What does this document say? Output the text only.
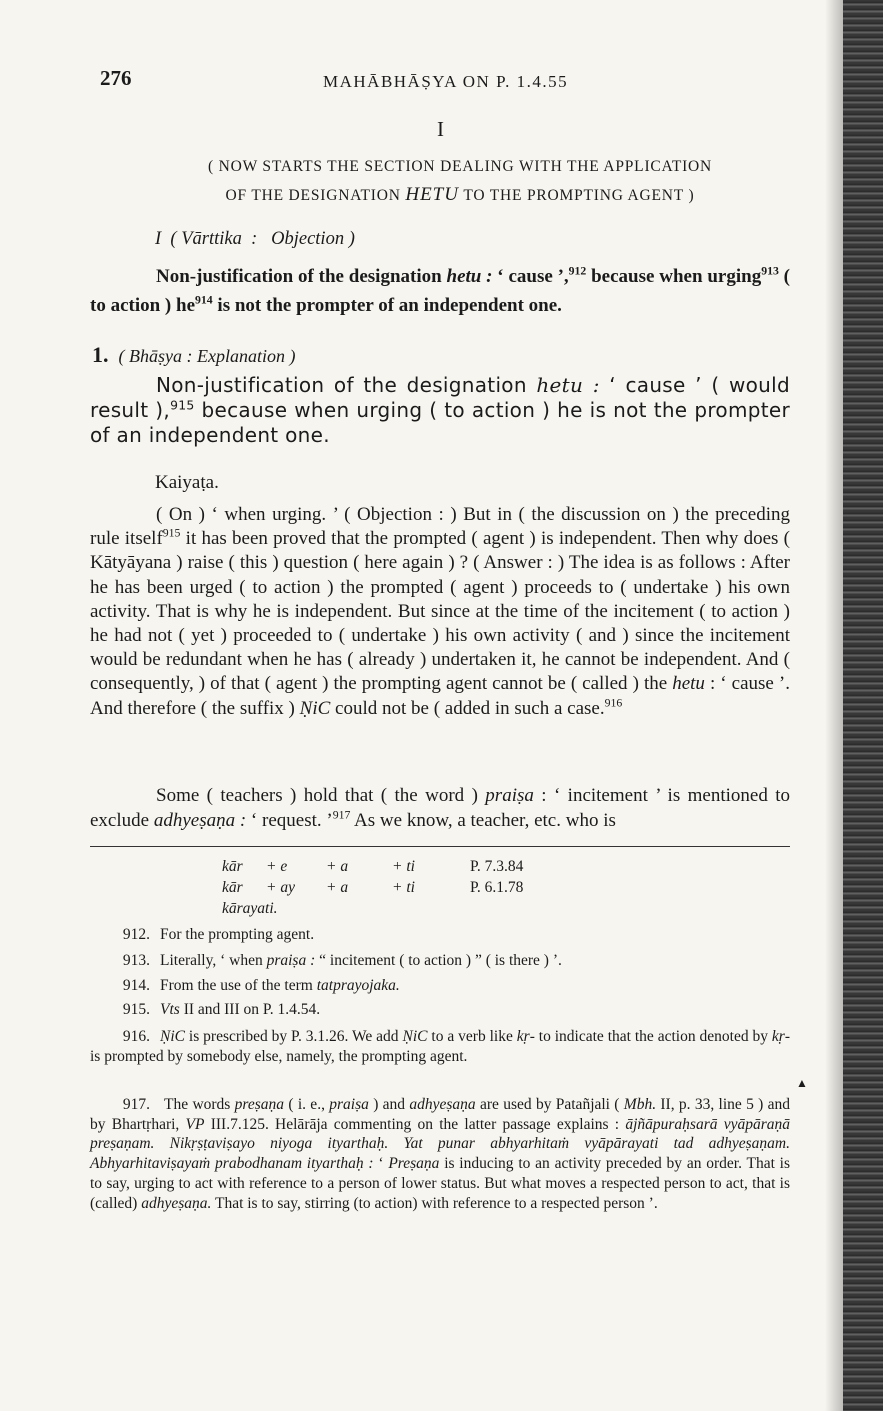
276	MAHĀBHĀṢYA ON P. 1.4.55
I
( NOW STARTS THE SECTION DEALING WITH THE APPLICATION
OF THE DESIGNATION HETU TO THE PROMPTING AGENT )
I  ( Vārttika  :   Objection )
Non-justification of the designation hetu : ‘ cause ’,$^{912}$ because when urging$^{913}$ ( to action ) $he^{914}$ is not the prompter of an independent one.
1. ( Bhāṣya : Explanation )
Non-justification of the designation hetu : ‘ cause ’ ( would result ),$^{915}$ because when urging ( to action ) he is not the prompter of an independent one.
Kaiyaṭa.
( On ) ‘ when urging. ’ ( Objection : ) But in ( the discussion on ) the preceding rule itself$^{915}$ it has been proved that the prompted ( agent ) is independent. Then why does ( Kātyāyana ) raise ( this ) question ( here again ) ? ( Answer : ) The idea is as follows : After he has been urged ( to action ) the prompted ( agent ) proceeds to ( undertake ) his own activity. That is why he is independent. But since at the time of the incitement ( to action ) he had not ( yet ) proceeded to ( undertake ) his own activity ( and ) since the incitement would be redundant when he has ( already ) undertaken it, he cannot be independent. And ( consequently, ) of that ( agent ) the prompting agent cannot be ( called ) the hetu : ‘ cause ’. And therefore ( the suffix ) ṆiC could not be ( added in such a case.$^{916}$
Some ( teachers ) hold that ( the word ) praiṣa : ‘ incitement ’ is mentioned to exclude adhyeṣaṇa : ‘ request. ’$^{917}$ As we know, a teacher, etc. who is
kār + e	+ a	+ ti	P. 7.3.84
kār + ay + a	+ ti	P. 6.1.78
kārayati.
912. For the prompting agent.
913. Literally, ‘ when praiṣa : “ incitement ( to action ) ” ( is there ) ’.
914. From the use of the term tatprayojaka.
915. Vts II and III on P. 1.4.54.
916. ṆiC is prescribed by P. 3.1.26. We add ṆiC to a verb like kṛ- to indicate that the action denoted by kṛ- is prompted by somebody else, namely, the prompting agent.
▲
917. The words preṣaṇa ( i. e., praiṣa ) and adhyeṣaṇa are used by Patañjali ( Mbh. II, p. 33, line 5 ) and by Bhartṛhari, VP III.7.125. Helārāja commenting on the latter passage explains : ājñāpuraḥsarā vyāpāraṇā preṣaṇam. Nikṛṣṭaviṣayo niyoga ityarthaḥ. Yat punar abhyarhitaṁ vyāpārayati tad adhyeṣaṇam. Abhyarhitaviṣayaṁ prabodhanam ityarthaḥ : ‘ Preṣaṇa is inducing to an activity preceded by an order. That is to say, urging to act with reference to a person of lower status. But what moves a respected person to act, that is (called) adhyeṣaṇa. That is to say, stirring (to action) with reference to a respected person ’.
